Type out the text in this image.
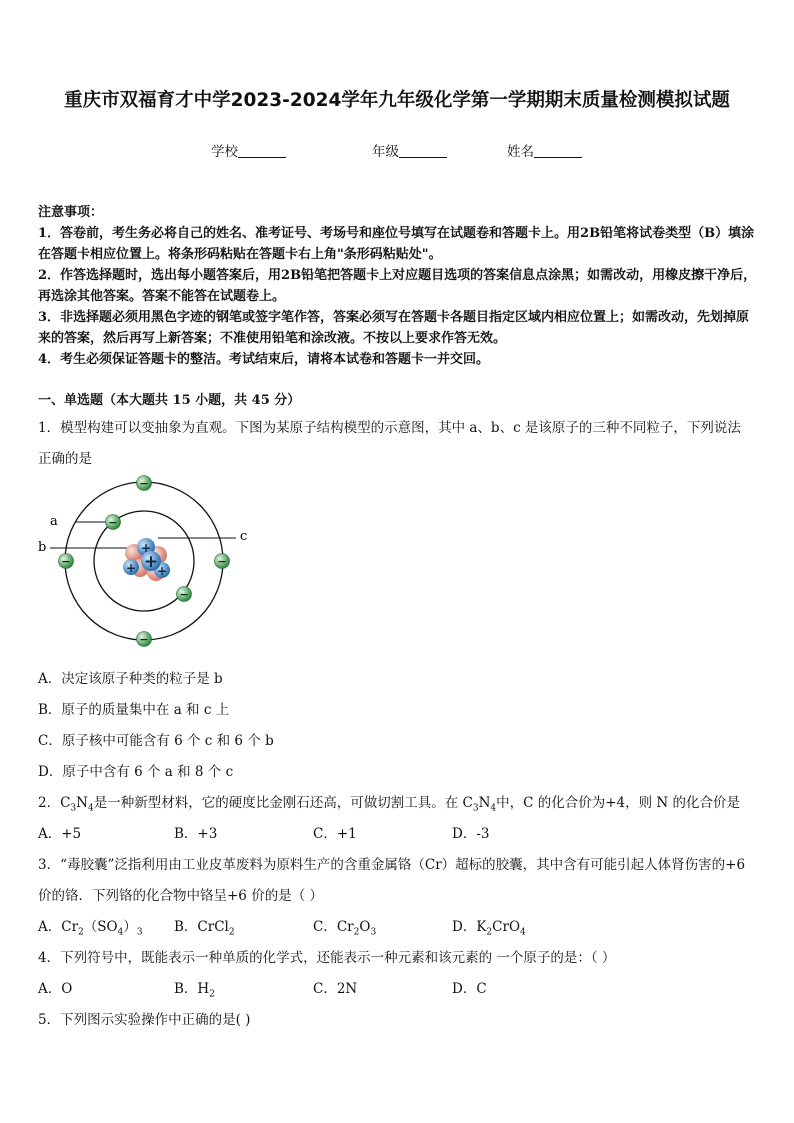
重庆市双福育才中学2023-2024学年九年级化学第一学期期末质量检测模拟试题
学校	年级	姓名

注意事项：

1．答卷前，考生务必将自己的姓名、准考证号、考场号和座位号填写在试题卷和答题卡上。用2B铅笔将试卷类型（B）填涂在答题卡相应位置上。将条形码粘贴在答题卡右上角"条形码粘贴处"。

2．作答选择题时，选出每小题答案后，用2B铅笔把答题卡上对应题目选项的答案信息点涂黑；如需改动，用橡皮擦干净后，再选涂其他答案。答案不能答在试题卷上。

3．非选择题必须用黑色字迹的钢笔或签字笔作答，答案必须写在答题卡各题目指定区域内相应位置上；如需改动，先划掉原来的答案，然后再写上新答案；不准使用铅笔和涂改液。不按以上要求作答无效。

4．考生必须保证答题卡的整洁。考试结束后，请将本试卷和答题卡一并交回。

一、单选题（本大题共 15 小题，共 45 分）
1．模型构建可以变抽象为直观。下图为某原子结构模型的示意图，其中 a、b、c 是该原子的三种不同粒子，下列说法
正确的是
a
b
c
+
+
+
+
−
−
−	−
−
−
A．决定该原子种类的粒子是 b
B．原子的质量集中在 a 和 c 上
C．原子核中可能含有 6 个 c 和 6 个 b
D．原子中含有 6 个 a 和 8 个 c
2．$C_3N_4$是一种新型材料，它的硬度比金刚石还高，可做切割工具。在 $C_3N_4$中，C 的化合价为+4，则 N 的化合价是
A．+5	B．+3	C．+1	D．-3
3．“毒胶囊”泛指利用由工业皮革废料为原料生产的含重金属铬（Cr）超标的胶囊，其中含有可能引起人体肾伤害的+6
价的铬．下列铬的化合物中铬呈+6 价的是（ ）
A．$Cr_2(SO_4)_3$ B．CrCl$_2$	C．$Cr_2O_3$	D．$K_2CrO_4$
4．下列符号中，既能表示一种单质的化学式，还能表示一种元素和该元素的 一个原子的是：（ ）
A．O	B．$H_2$	C．2N	D．C
5．下列图示实验操作中正确的是( )
